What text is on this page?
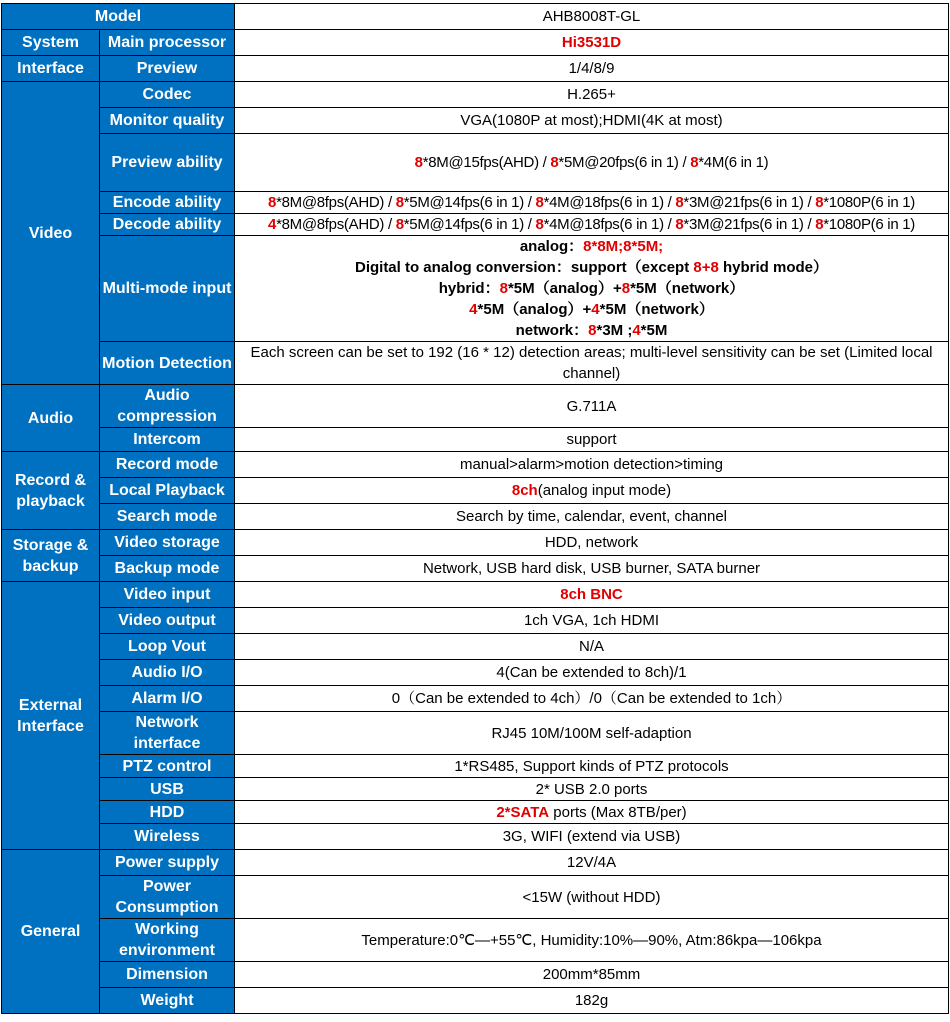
Model		AHB8008T-GL
System	Main processor	Hi3531D
Interface	Preview	1/4/8/9
Video	Codec	H.265+
	Monitor quality	VGA(1080P at most);HDMI(4K at most)
	Preview ability	8*8M@15fps(AHD) / 8*5M@20fps(6 in 1) / 8*4M(6 in 1)
	Encode ability	8*8M@8fps(AHD) / 8*5M@14fps(6 in 1) / 8*4M@18fps(6 in 1) / 8*3M@21fps(6 in 1) / 8*1080P(6 in 1)
	Decode ability	4*8M@8fps(AHD) / 8*5M@14fps(6 in 1) / 8*4M@18fps(6 in 1) / 8*3M@21fps(6 in 1) / 8*1080P(6 in 1)
	Multi-mode input	analog：8*8M;8*5M;
Digital to analog conversion：support（except 8+8 hybrid mode）
hybrid：8*5M（analog）+8*5M（network）
4*5M（analog）+4*5M（network）
network：8*3M ;4*5M

	Motion Detection	Each screen can be set to 192 (16 * 12) detection areas; multi-level sensitivity can be set (Limited local channel)
Audio	Audio compression	G.711A
	Intercom	support
Record & playback	Record mode	manual>alarm>motion detection>timing
	Local Playback	8ch(analog input mode)
	Search mode	Search by time, calendar, event, channel
Storage & backup	Video storage	HDD, network
	Backup mode	Network, USB hard disk, USB burner, SATA burner
External Interface	Video input	8ch BNC
	Video output	1ch VGA, 1ch HDMI
	Loop Vout	N/A
	Audio I/O	4(Can be extended to 8ch)/1
	Alarm I/O	0（Can be extended to 4ch）/0（Can be extended to 1ch）
	Network interface	RJ45 10M/100M self-adaption
	PTZ control	1*RS485, Support kinds of PTZ protocols
	USB	2* USB 2.0 ports
	HDD	2*SATA ports (Max 8TB/per)
	Wireless	3G, WIFI (extend via USB)
General	Power supply	12V/4A
	Power Consumption	<15W (without HDD)
	Working environment	Temperature:0℃—+55℃, Humidity:10%—90%, Atm:86kpa—106kpa
	Dimension	200mm*85mm
	Weight	182g
